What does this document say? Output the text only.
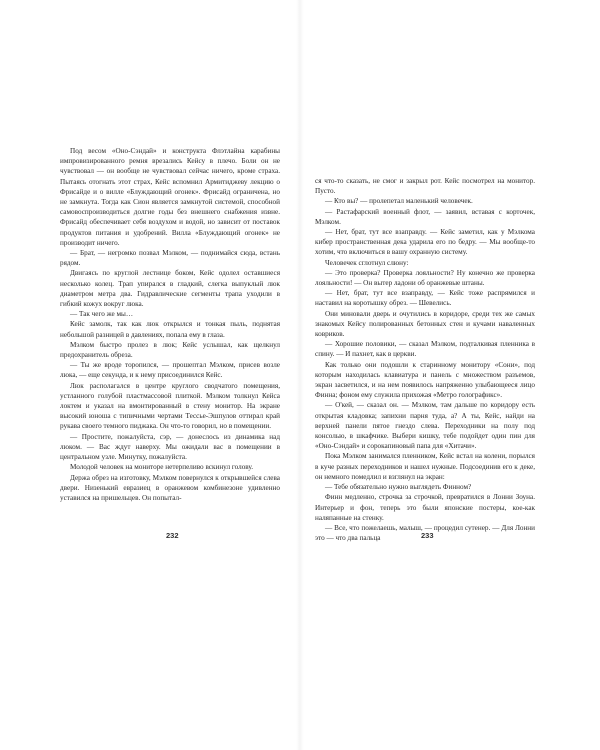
Под весом «Оно-Сэндай» и конструкта Флэтлайна карабины импровизированного ремня врезались Кейсу в плечо. Боли он не чувствовал — он вообще не чувствовал сейчас ничего, кроме страха. Пытаясь отогнать этот страх, Кейс вспомнил Армитиджеву лекцию о Фрисайде и о вилле «Блуждающий огонек». Фрисайд ограничена, но не замкнута. Тогда как Сион является замкнутой системой, способной самовоспроизводиться долгие годы без внешнего снабжения извне. Фрисайд обеспечивает себя воздухом и водой, но зависит от поставок продуктов питания и удобрений. Вилла «Блуждающий огонек» не производит ничего.

— Брат, — негромко позвал Мэлком, — поднимайся сюда, встань рядом.

Двигаясь по круглой лестнице боком, Кейс одолел оставшиеся несколько колец. Трап упирался в гладкий, слегка выпуклый люк диаметром метра два. Гидравлические сегменты трапа уходили в гибкий кожух вокруг люка.

— Так чего же мы…

Кейс замолк, так как люк открылся и тонкая пыль, поднятая небольшой разницей в давлениях, попала ему в глаза.

Мэлком быстро пролез в люк; Кейс услышал, как щелкнул предохранитель обреза.

— Ты же вроде торопился, — прошептал Мэлком, присев возле люка, — еще секунда, и к нему присоединился Кейс.

Люк располагался в центре круглого сводчатого помещения, устланного голубой пластмассовой плиткой. Мэлком толкнул Кейса локтем и указал на вмонтированный в стену монитор. На экране высокий юноша с типичными чертами Тессье-Эшпулов оттирал край рукава своего темного пиджака. Он что-то говорил, но в помещении.

— Простите, пожалуйста, сэр, — донеслось из динамика над люком. — Вас ждут наверху. Мы ожидали вас в помещении в центральном узле. Минутку, пожалуйста.

Молодой человек на мониторе нетерпеливо вскинул голову.

Держа обрез на изготовку, Мэлком повернулся к открывшейся слева двери. Низенький евразиец в оранжевом комбинезоне удивленно уставился на пришельцев. Он попытал-

232

ся что-то сказать, не смог и закрыл рот. Кейс посмотрел на монитор. Пусто.

— Кто вы? — пролепетал маленький человечек.

— Растафарский военный флот, — заявил, вставая с корточек, Мэлком.

— Нет, брат, тут все взаправду. — Кейс заметил, как у Мэлкома кибер пространственная дека ударила его по бедру. — Мы вообще-то хотим, что включиться в вашу охранную систему.

Человечек сглотнул слюну:

— Это проверка? Проверка лояльности? Ну конечно же проверка лояльности! — Он вытер ладони об оранжевые штаны.

— Нет, брат, тут все взаправду, — Кейс тоже распрямился и наставил на коротышку обрез. — Шевелись.

Они миновали дверь и очутились в коридоре, среди тех же самых знакомых Кейсу полированных бетонных стен и кучами наваленных ковриков.

— Хорошие половики, — сказал Мэлком, подталкивая пленника в спину. — И пахнет, как в церкви.

Как только они подошли к старинному монитору «Сони», под которым находилась клавиатура и панель с множеством разъемов, экран засветился, и на нем появилось напряженно улыбающееся лицо Финна; фоном ему служила прихожая «Метро голографикс».

— О'кей, — сказал он. — Мэлком, там дальше по коридору есть открытая кладовка; запихни парня туда, а? А ты, Кейс, найди на верхней панели пятое гнездо слева. Переходники на полу под консолью, в шкафчике. Выбери кишку, тебе подойдет один пин для «Оно-Сэндай» и сорокапиновый папа для «Хитачи».

Пока Мэлком занимался пленником, Кейс встал на колени, порылся в куче разных переходников и нашел нужные. Подсоединив его к деке, он немного помедлил и взглянул на экран:

— Тебе обязательно нужно выглядеть Финном?

Финн медленно, строчка за строчкой, превратился в Лонни Зоуна. Интерьер и фон, теперь это были японские постеры, кое-как наляпанные на стенку.

— Все, что пожелаешь, малыш, — процедил сутенер. — Для Лонни это — что два пальца	233
